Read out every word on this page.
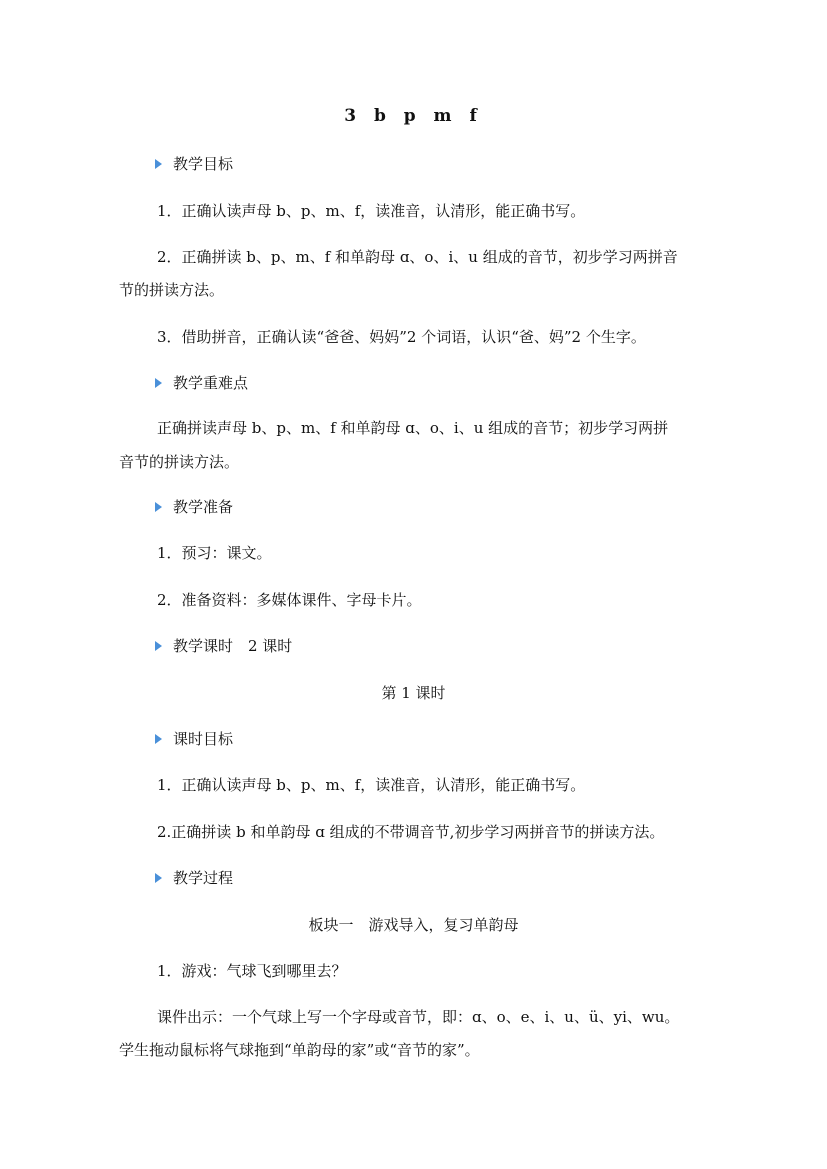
3 b p m f
教学目标
1．正确认读声母 b、p、m、f，读准音，认清形，能正确书写。
2．正确拼读 b、p、m、f 和单韵母 ɑ、o、i、u 组成的音节，初步学习两拼音
节的拼读方法。
3．借助拼音，正确认读“爸爸、妈妈”2 个词语，认识“爸、妈”2 个生字。
教学重难点
正确拼读声母 b、p、m、f 和单韵母 ɑ、o、i、u 组成的音节；初步学习两拼
音节的拼读方法。
教学准备
1．预习：课文。
2．准备资料：多媒体课件、字母卡片。
教学课时　2 课时
第 1 课时
课时目标
1．正确认读声母 b、p、m、f，读准音，认清形，能正确书写。
2.正确拼读 b 和单韵母 ɑ 组成的不带调音节,初步学习两拼音节的拼读方法。
教学过程
板块一　游戏导入，复习单韵母
1．游戏：气球飞到哪里去？
课件出示：一个气球上写一个字母或音节，即：ɑ、o、e、i、u、ü、yi、wu。
学生拖动鼠标将气球拖到“单韵母的家”或“音节的家”。
